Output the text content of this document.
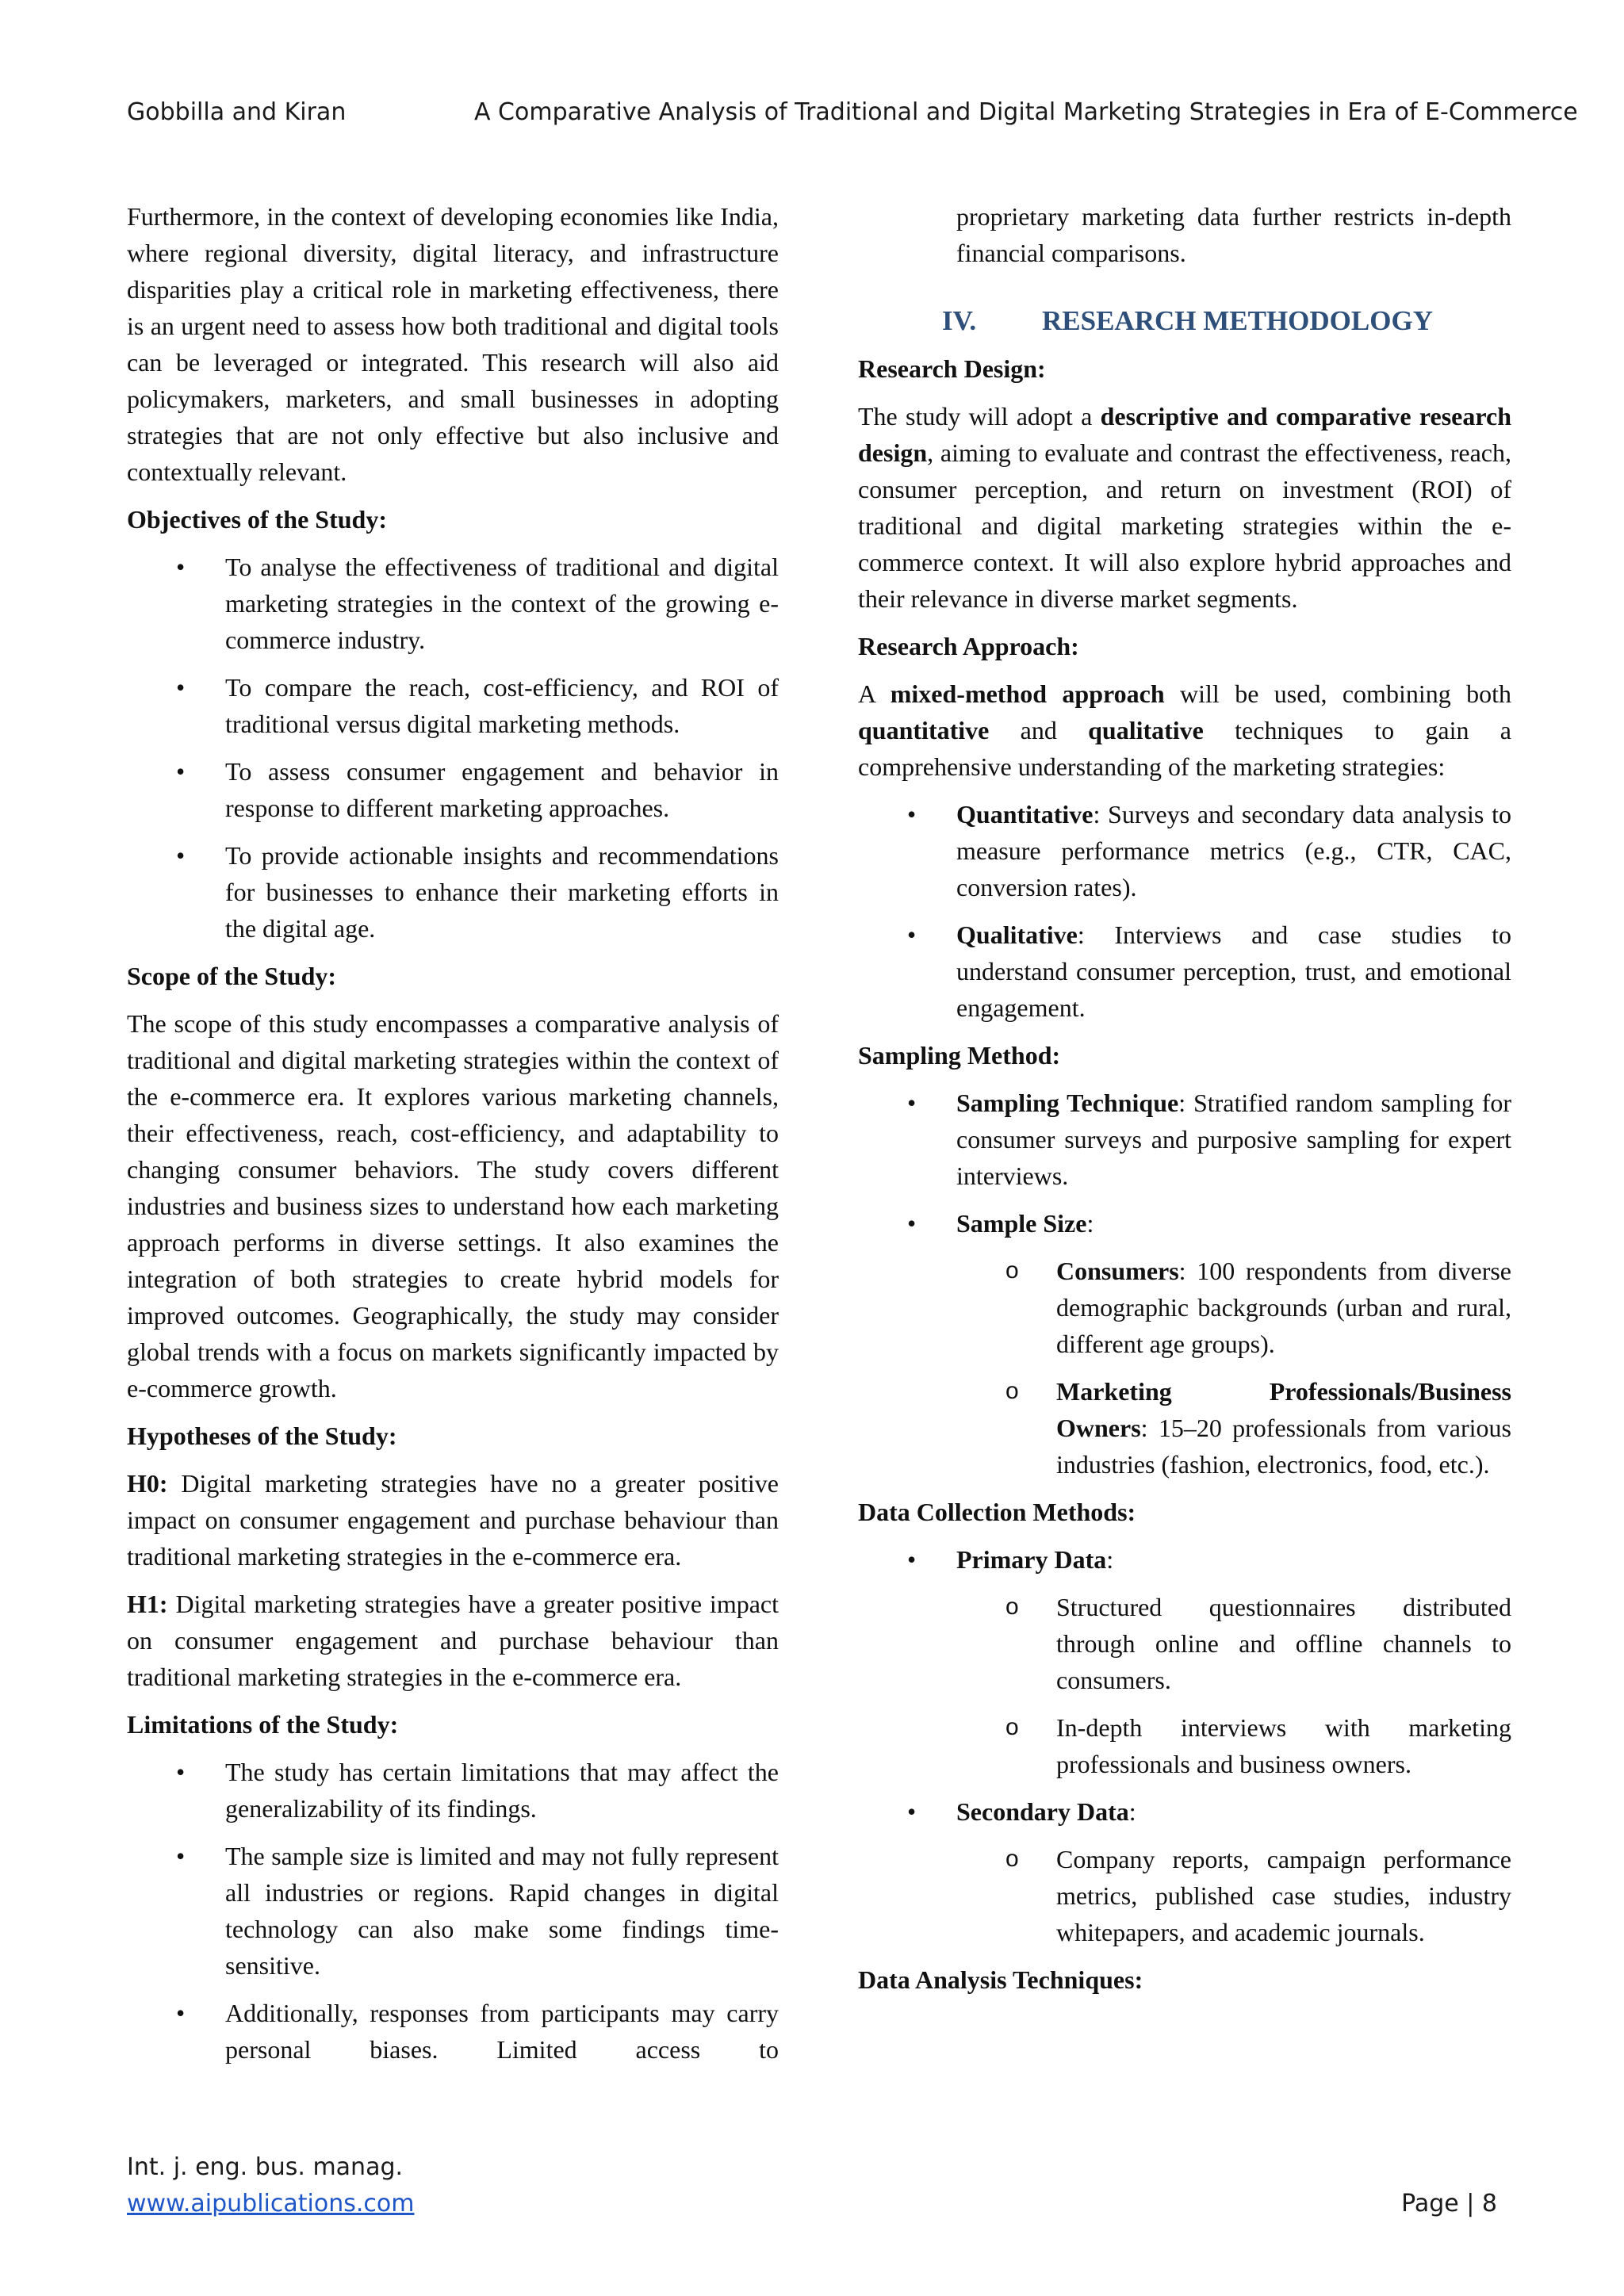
Gobbilla and Kiran	A Comparative Analysis of Traditional and Digital Marketing Strategies in Era of E-Commerce

Furthermore, in the context of developing economies like India, where regional diversity, digital literacy, and infrastructure disparities play a critical role in marketing effectiveness, there is an urgent need to assess how both traditional and digital tools can be leveraged or integrated. This research will also aid policymakers, marketers, and small businesses in adopting strategies that are not only effective but also inclusive and contextually relevant.

Objectives of the Study:
• To analyse the effectiveness of traditional and digital marketing strategies in the context of the growing e-commerce industry.
• To compare the reach, cost-efficiency, and ROI of traditional versus digital marketing methods.
• To assess consumer engagement and behavior in response to different marketing approaches.
• To provide actionable insights and recommendations for businesses to enhance their marketing efforts in the digital age.
Scope of the Study:

The scope of this study encompasses a comparative analysis of traditional and digital marketing strategies within the context of the e-commerce era. It explores various marketing channels, their effectiveness, reach, cost-efficiency, and adaptability to changing consumer behaviors. The study covers different industries and business sizes to understand how each marketing approach performs in diverse settings. It also examines the integration of both strategies to create hybrid models for improved outcomes. Geographically, the study may consider global trends with a focus on markets significantly impacted by e-commerce growth.

Hypotheses of the Study:

H0: Digital marketing strategies have no a greater positive impact on consumer engagement and purchase behaviour than traditional marketing strategies in the e-commerce era.

H1: Digital marketing strategies have a greater positive impact on consumer engagement and purchase behaviour than traditional marketing strategies in the e-commerce era.

Limitations of the Study:
• The study has certain limitations that may affect the generalizability of its findings.
• The sample size is limited and may not fully represent all industries or regions. Rapid changes in digital technology can also make some findings time-sensitive.
• Additionally, responses from participants may carry personal biases. Limited access to

proprietary marketing data further restricts in-depth financial comparisons.

IV. RESEARCH METHODOLOGY
Research Design:

The study will adopt a descriptive and comparative research design, aiming to evaluate and contrast the effectiveness, reach, consumer perception, and return on investment (ROI) of traditional and digital marketing strategies within the e-commerce context. It will also explore hybrid approaches and their relevance in diverse market segments.

Research Approach:

A mixed-method approach will be used, combining both quantitative and qualitative techniques to gain a comprehensive understanding of the marketing strategies:

• Quantitative: Surveys and secondary data analysis to measure performance metrics (e.g., CTR, CAC, conversion rates).
• Qualitative: Interviews and case studies to understand consumer perception, trust, and emotional engagement.
Sampling Method:
• Sampling Technique: Stratified random sampling for consumer surveys and purposive sampling for expert interviews.
• Sample Size:
o Consumers: 100 respondents from diverse demographic backgrounds (urban and rural, different age groups).
o Marketing Professionals/Business Owners: 15–20 professionals from various industries (fashion, electronics, food, etc.).
Data Collection Methods:
• Primary Data:
o Structured questionnaires distributed through online and offline channels to consumers.
o In-depth interviews with marketing professionals and business owners.
• Secondary Data:
o Company reports, campaign performance metrics, published case studies, industry whitepapers, and academic journals.
Data Analysis Techniques:
Int. j. eng. bus. manag.
www.aipublications.com	Page | 8
